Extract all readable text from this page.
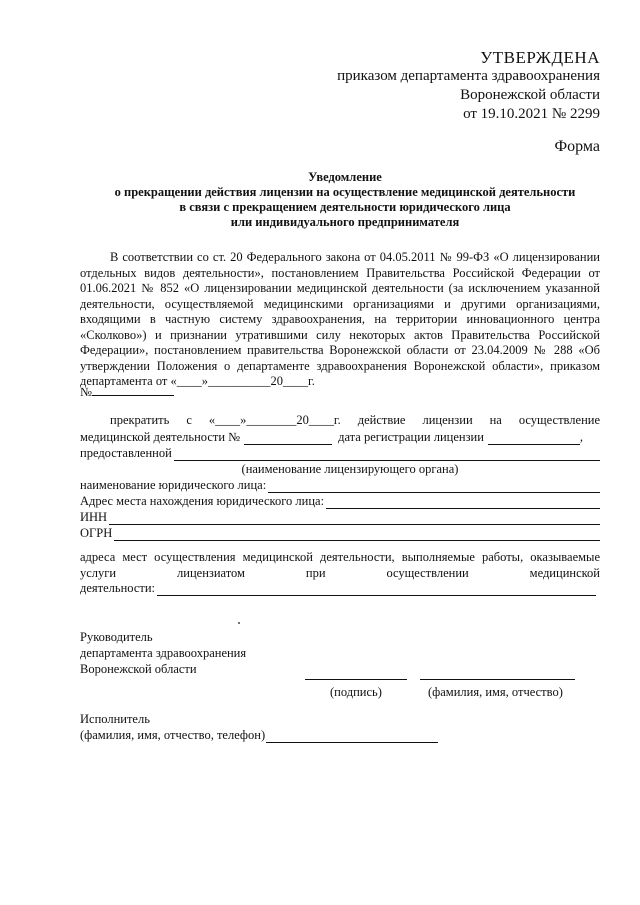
УТВЕРЖДЕНА
приказом департамента здравоохранения
Воронежской области
от 19.10.2021 № 2299
Форма
Уведомление
о прекращении действия лицензии на осуществление медицинской деятельности
в связи с прекращением деятельности юридического лица
или индивидуального предпринимателя
В соответствии со ст. 20 Федерального закона от 04.05.2011 № 99-ФЗ «О лицензировании отдельных видов деятельности», постановлением Правительства Российской Федерации от 01.06.2021 № 852 «О лицензировании медицинской деятельности (за исключением указанной деятельности, осуществляемой медицинскими организациями и другими организациями, входящими в частную систему здравоохранения, на территории инновационного центра «Сколково») и признании утратившими силу некоторых актов Правительства Российской Федерации», постановлением правительства Воронежской области от 23.04.2009 № 288 «Об утверждении Положения о департаменте здравоохранения Воронежской области», приказом департамента от «____»__________20____г.
№
прекратить с «____»________20____г. действие лицензии на осуществление
медицинской деятельности №	дата регистрации лицензии	,
предоставленной
(наименование лицензирующего органа)
наименование юридического лица:
Адрес места нахождения юридического лица:
ИНН
ОГРН
адреса мест осуществления медицинской деятельности, выполняемые работы, оказываемые услуги лицензиатом при осуществлении медицинской
деятельности:
Руководитель
департамента здравоохранения
Воронежской области
(подпись)	(фамилия, имя, отчество)
Исполнитель
(фамилия, имя, отчество, телефон)
